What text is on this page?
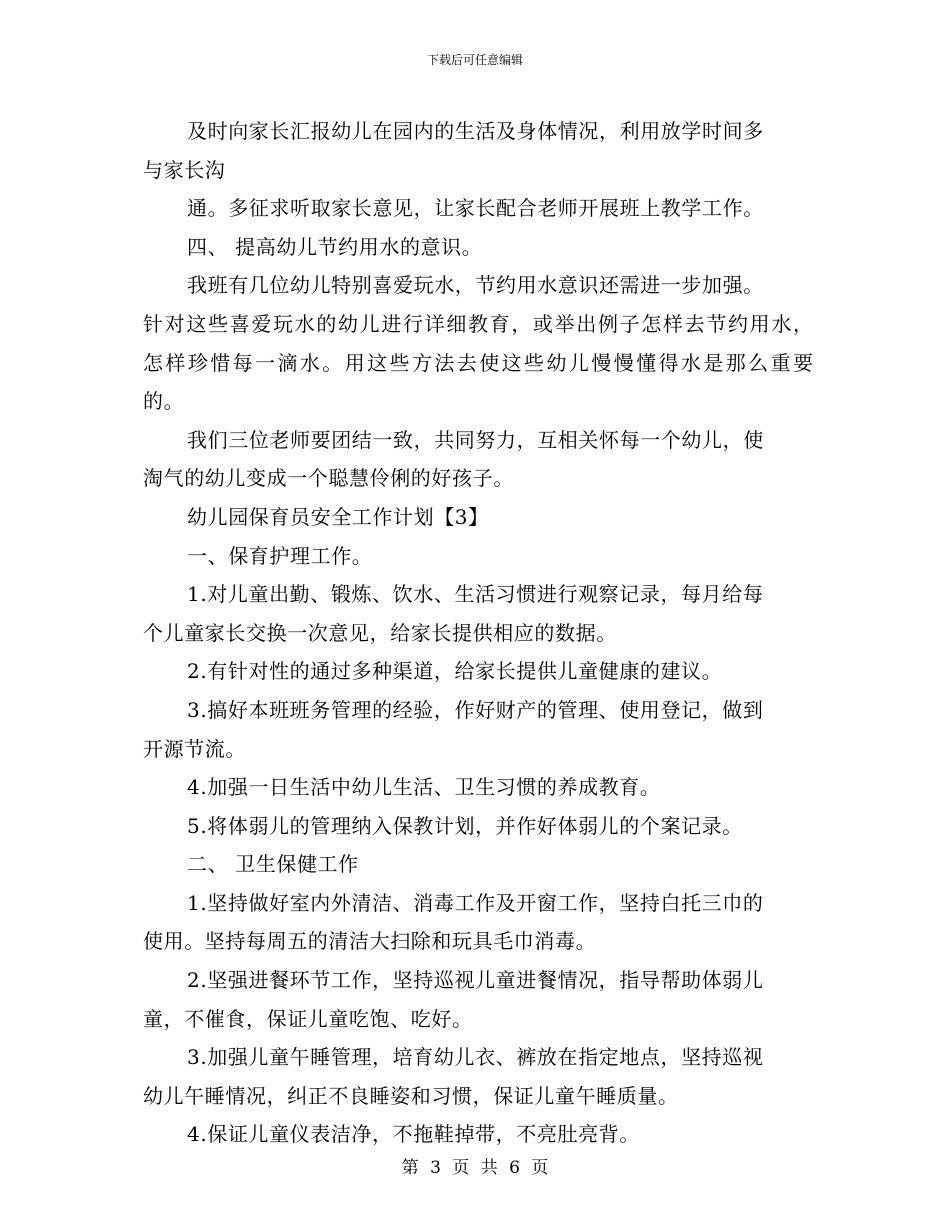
下载后可任意编辑
及时向家长汇报幼儿在园内的生活及身体情况，利用放学时间多
与家长沟
通。多征求听取家长意见，让家长配合老师开展班上教学工作。
四、 提高幼儿节约用水的意识。
我班有几位幼儿特别喜爱玩水，节约用水意识还需进一步加强。
针对这些喜爱玩水的幼儿进行详细教育，或举出例子怎样去节约用水，
怎样珍惜每一滴水。用这些方法去使这些幼儿慢慢懂得水是那么重要
的。
我们三位老师要团结一致，共同努力，互相关怀每一个幼儿，使
淘气的幼儿变成一个聪慧伶俐的好孩子。
幼儿园保育员安全工作计划【3】
一、保育护理工作。
1.对儿童出勤、锻炼、饮水、生活习惯进行观察记录，每月给每
个儿童家长交换一次意见，给家长提供相应的数据。
2.有针对性的通过多种渠道，给家长提供儿童健康的建议。
3.搞好本班班务管理的经验，作好财产的管理、使用登记，做到
开源节流。
4.加强一日生活中幼儿生活、卫生习惯的养成教育。
5.将体弱儿的管理纳入保教计划，并作好体弱儿的个案记录。
二、 卫生保健工作
1.坚持做好室内外清洁、消毒工作及开窗工作，坚持白托三巾的
使用。坚持每周五的清洁大扫除和玩具毛巾消毒。
2.坚强进餐环节工作，坚持巡视儿童进餐情况，指导帮助体弱儿
童，不催食，保证儿童吃饱、吃好。
3.加强儿童午睡管理，培育幼儿衣、裤放在指定地点，坚持巡视
幼儿午睡情况，纠正不良睡姿和习惯，保证儿童午睡质量。
4.保证儿童仪表洁净，不拖鞋掉带，不亮肚亮背。
第 3 页 共 6 页
